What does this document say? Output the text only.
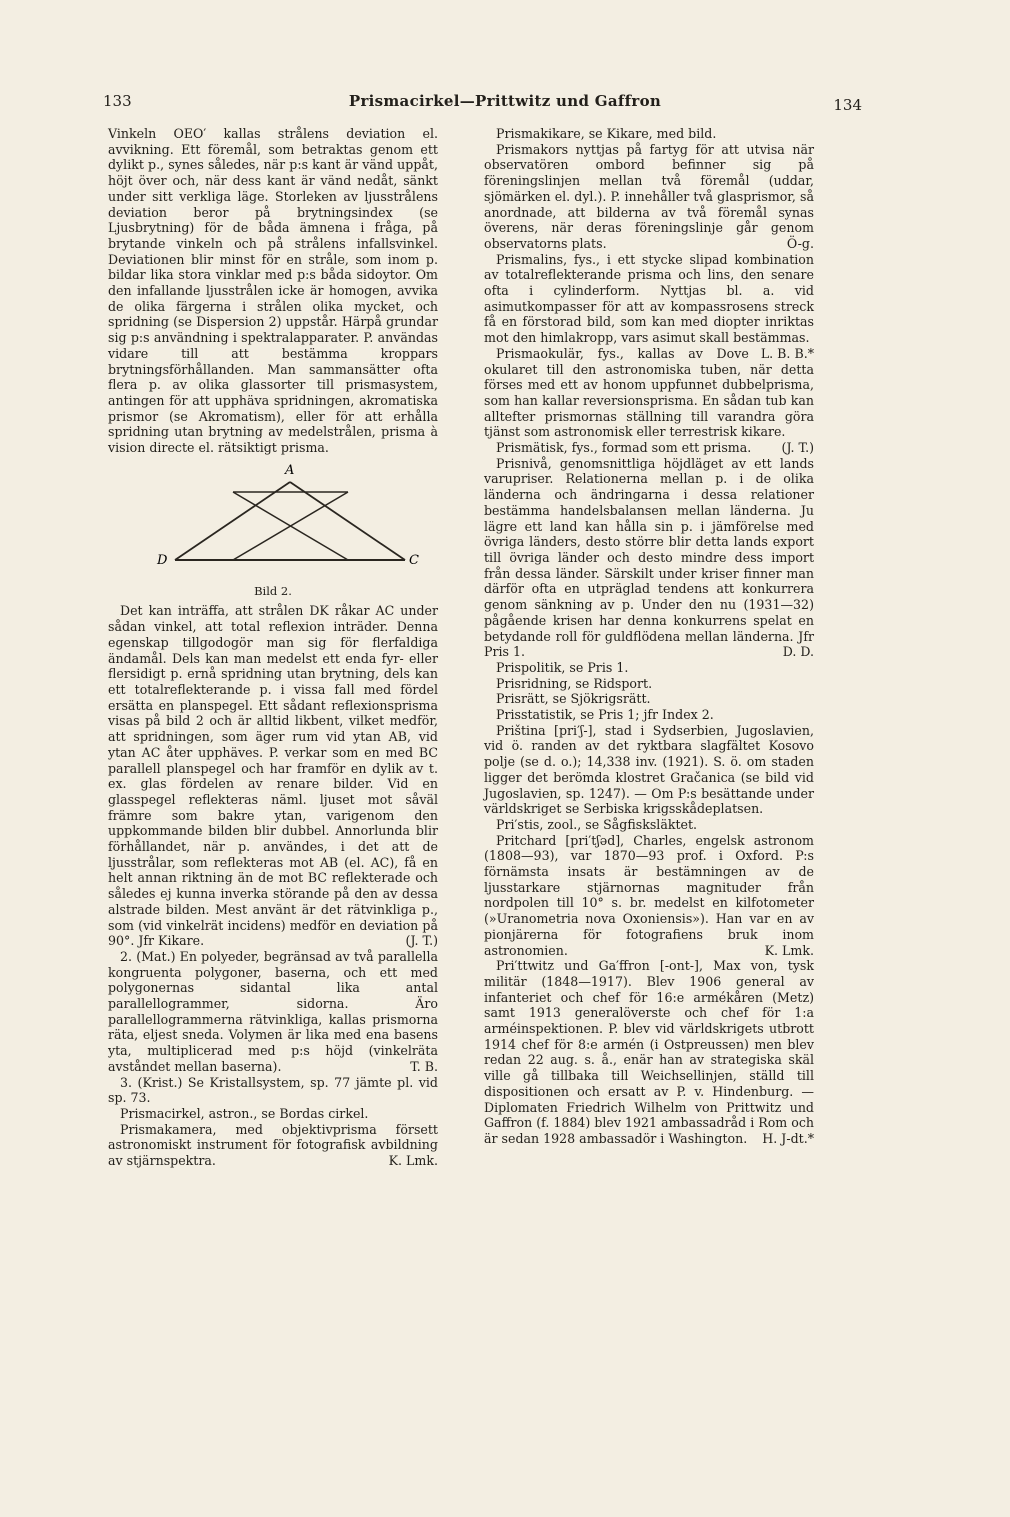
133	Prismacirkel—Prittwitz und Gaffron	134

Vinkeln OEO′ kallas strålens deviation el. avvikning. Ett föremål, som betraktas genom ett dylikt p., synes således, när p:s kant är vänd uppåt, höjt över och, när dess kant är vänd nedåt, sänkt under sitt verkliga läge. Storleken av ljusstrålens deviation beror på brytningsindex (se Ljusbrytning) för de båda ämnena i fråga, på brytande vinkeln och på strålens infallsvinkel. Deviationen blir minst för en stråle, som inom p. bildar lika stora vinklar med p:s båda sidoytor. Om den infallande ljusstrålen icke är homogen, avvika de olika färgerna i strålen olika mycket, och spridning (se Dispersion 2) uppstår. Härpå grundar sig p:s användning i spektralapparater. P. användas vidare till att bestämma kroppars brytningsförhållanden. Man sammansätter ofta flera p. av olika glassorter till prismasystem, antingen för att upphäva spridningen, akromatiska prismor (se Akromatism), eller för att erhålla spridning utan brytning av medelstrålen, prisma à vision directe el. rätsiktigt prisma.

A
D	C
Bild 2.

Det kan inträffa, att strålen DK råkar AC under sådan vinkel, att total reflexion inträder. Denna egenskap tillgodogör man sig för flerfaldiga ändamål. Dels kan man medelst ett enda fyr- eller flersidigt p. ernå spridning utan brytning, dels kan ett totalreflekterande p. i vissa fall med fördel ersätta en planspegel. Ett sådant reflexionsprisma visas på bild 2 och är alltid likbent, vilket medför, att spridningen, som äger rum vid ytan AB, vid ytan AC åter upphäves. P. verkar som en med BC parallell planspegel och har framför en dylik av t. ex. glas fördelen av renare bilder. Vid en glasspegel reflekteras näml. ljuset mot såväl främre som bakre ytan, varigenom den uppkommande bilden blir dubbel. Annorlunda blir förhållandet, när p. användes, i det att de ljusstrålar, som reflekteras mot AB (el. AC), få en helt annan riktning än de mot BC reflekterade och således ej kunna inverka störande på den av dessa alstrade bilden. Mest använt är det rätvinkliga p., som (vid vinkelrät incidens) medför en deviation på 90°. Jfr Kikare.	(J. T.)

2. (Mat.) En polyeder, begränsad av två parallella kongruenta polygoner, baserna, och ett med polygonernas sidantal lika antal parallellogrammer, sidorna. Äro parallellogrammerna rätvinkliga, kallas prismorna räta, eljest sneda. Volymen är lika med ena basens yta, multiplicerad med p:s höjd (vinkelräta avståndet mellan baserna).	T. B.

3. (Krist.) Se Kristallsystem, sp. 77 jämte pl. vid sp. 73.

Prismacirkel, astron., se Bordas cirkel.

Prismakamera, med objektivprisma försett astronomiskt instrument för fotografisk avbildning av stjärnspektra.	K. Lmk.

Prismakikare, se Kikare, med bild.

Prismakors nyttjas på fartyg för att utvisa när observatören ombord befinner sig på föreningslinjen mellan två föremål (uddar, sjömärken el. dyl.). P. innehåller två glasprismor, så anordnade, att bilderna av två föremål synas överens, när deras föreningslinje går genom observatorns plats.	Ö-g.

Prismalins, fys., i ett stycke slipad kombination av totalreflekterande prisma och lins, den senare ofta i cylinderform. Nyttjas bl. a. vid asimutkompasser för att av kompassrosens streck få en förstorad bild, som kan med diopter inriktas mot den himlakropp, vars asimut skall bestämmas.
L. B. B.*

Prismaokulär, fys., kallas av Dove okularet till den astronomiska tuben, när detta förses med ett av honom uppfunnet dubbelprisma, som han kallar reversionsprisma. En sådan tub kan alltefter prismornas ställning till varandra göra tjänst som astronomisk eller terrestrisk kikare.
(J. T.)

Prismätisk, fys., formad som ett prisma.

Prisnivå, genomsnittliga höjdläget av ett lands varupriser. Relationerna mellan p. i de olika länderna och ändringarna i dessa relationer bestämma handelsbalansen mellan länderna. Ju lägre ett land kan hålla sin p. i jämförelse med övriga länders, desto större blir detta lands export till övriga länder och desto mindre dess import från dessa länder. Särskilt under kriser finner man därför ofta en utpräglad tendens att konkurrera genom sänkning av p. Under den nu (1931—32) pågående krisen har denna konkurrens spelat en betydande roll för guldflödena mellan länderna. Jfr Pris 1.	D. D.

Prispolitik, se Pris 1.

Prisridning, se Ridsport.

Prisrätt, se Sjökrigsrätt.

Prisstatistik, se Pris 1; jfr Index 2.

Priština [pri′ʃ-], stad i Sydserbien, Jugoslavien, vid ö. randen av det ryktbara slagfältet Kosovo polje (se d. o.); 14,338 inv. (1921). S. ö. om staden ligger det berömda klostret Gračanica (se bild vid Jugoslavien, sp. 1247). — Om P:s besättande under världskriget se Serbiska krigsskådeplatsen.

Pri′stis, zool., se Sågfisksläktet.

Pritchard [pri′tʃəd], Charles, engelsk astronom (1808—93), var 1870—93 prof. i Oxford. P:s förnämsta insats är bestämningen av de ljusstarkare stjärnornas magnituder från nordpolen till 10° s. br. medelst en kilfotometer (»Uranometria nova Oxoniensis»). Han var en av pionjärerna för fotografiens bruk inom astronomien.	K. Lmk.

Pri′ttwitz und Ga′ffron [-ont-], Max von, tysk militär (1848—1917). Blev 1906 general av infanteriet och chef för 16:e armékåren (Metz) samt 1913 generalöverste och chef för 1:a arméinspektionen. P. blev vid världskrigets utbrott 1914 chef för 8:e armén (i Ostpreussen) men blev redan 22 aug. s. å., enär han av strategiska skäl ville gå tillbaka till Weichsellinjen, ställd till dispositionen och ersatt av P. v. Hindenburg. — Diplomaten Friedrich Wilhelm von Prittwitz und Gaffron (f. 1884) blev 1921 ambassadråd i Rom och är sedan 1928 ambassadör i Washington.	H. J-dt.*
